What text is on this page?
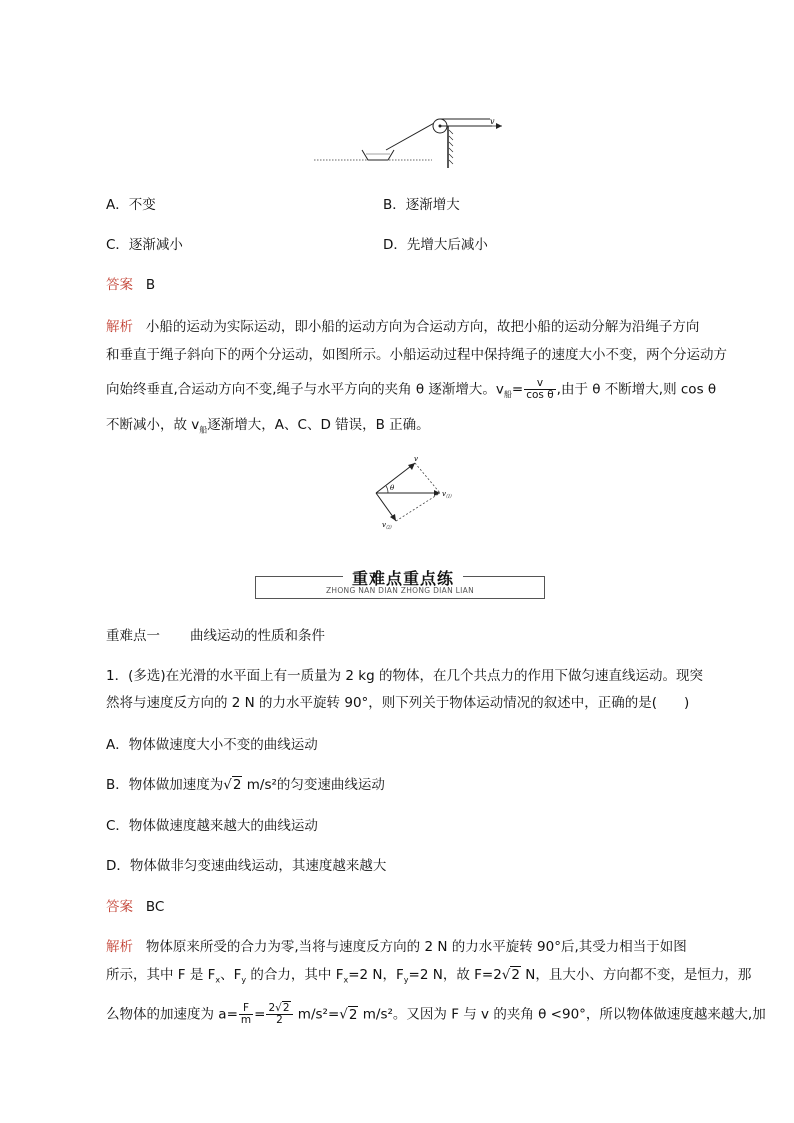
v
A．不变	B．逐渐增大
C．逐渐减小	D．先增大后减小
答案 B
解析 小船的运动为实际运动，即小船的运动方向为合运动方向，故把小船的运动分解为沿绳子方向
和垂直于绳子斜向下的两个分运动，如图所示。小船运动过程中保持绳子的速度大小不变，两个分运动方
向始终垂直,合运动方向不变,绳子与水平方向的夹角 θ 逐渐增大。$v_船= \frac{v}{\text{cos θ}}$ ,由于 θ 不断增大,则 cos θ
不断减小，故 $v_船$逐渐增大，A、C、D 错误，B 正确。
θ
v
$v_⑴$
$v_⑵$
重难点重点练
ZHONG NAN DIAN ZHONG DIAN LIAN
重难点一 曲线运动的性质和条件
1．(多选)在光滑的水平面上有一质量为 2 kg 的物体，在几个共点力的作用下做匀速直线运动。现突
然将与速度反方向的 2 N 的力水平旋转 90°，则下列关于物体运动情况的叙述中，正确的是(　　)
A．物体做速度大小不变的曲线运动
B．物体做加速度为√2 m/s²的匀变速曲线运动
C．物体做速度越来越大的曲线运动
D．物体做非匀变速曲线运动，其速度越来越大
答案 BC
解析 物体原来所受的合力为零,当将与速度反方向的 2 N 的力水平旋转 90°后,其受力相当于如图
所示，其中 F 是 $F_x$、$F_y$ 的合力，其中 $F_x=2$ N，$F_y=2$ N，故 F=2√2 N，且大小、方向都不变，是恒力，那
么物体的加速度为 $a= \frac{F}{m} = \frac{2√2}{2} m/s^2=√2$ m/s²。又因为 F 与 v 的夹角 θ <90°，所以物体做速度越来越大,加
